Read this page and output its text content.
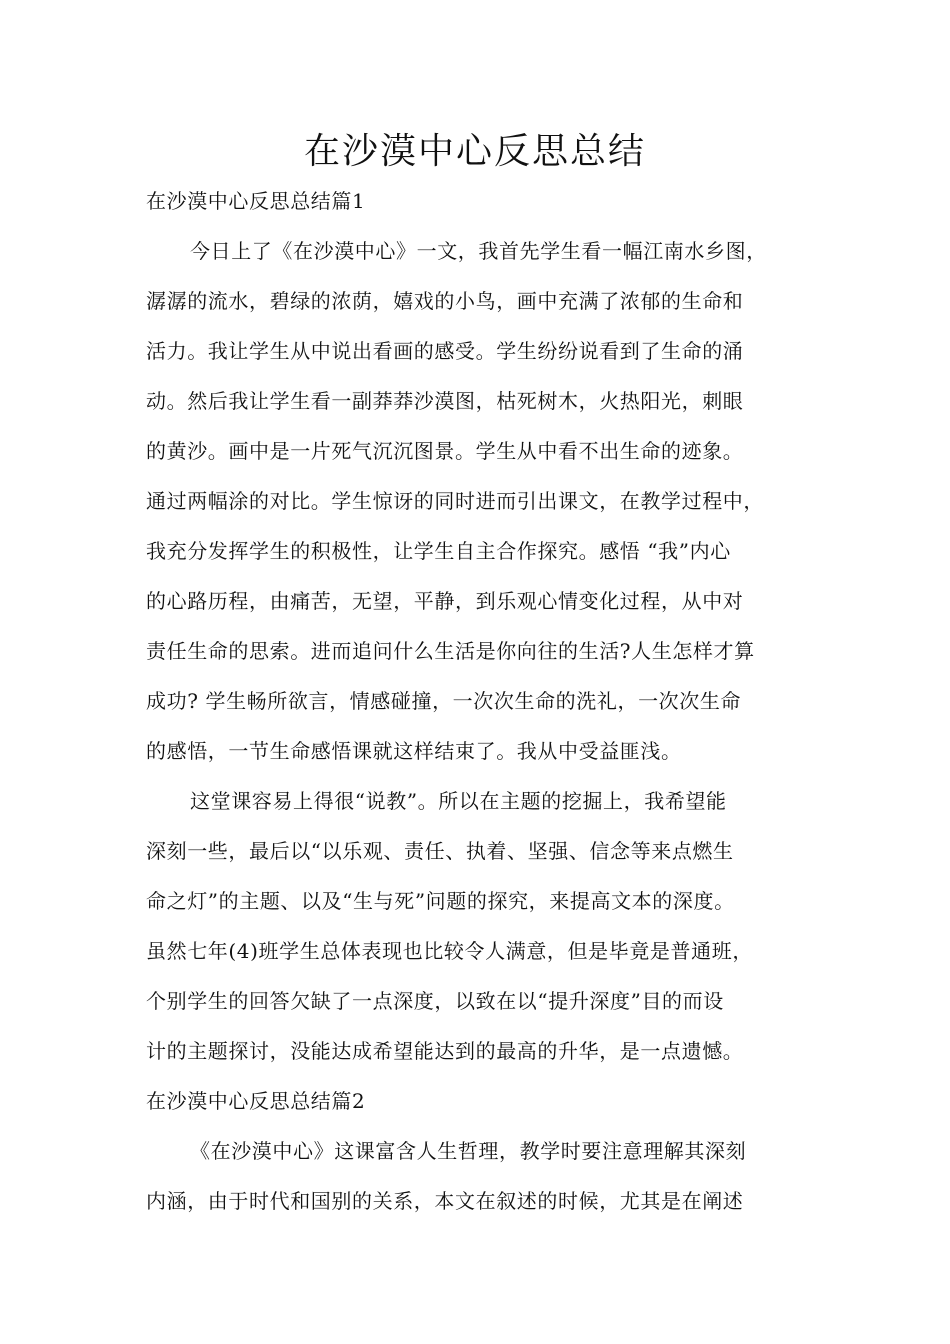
在沙漠中心反思总结
在沙漠中心反思总结篇1
今日上了《在沙漠中心》一文，我首先学生看一幅江南水乡图，
潺潺的流水，碧绿的浓荫，嬉戏的小鸟，画中充满了浓郁的生命和
活力。我让学生从中说出看画的感受。学生纷纷说看到了生命的涌
动。然后我让学生看一副莽莽沙漠图，枯死树木，火热阳光，刺眼
的黄沙。画中是一片死气沉沉图景。学生从中看不出生命的迹象。
通过两幅涂的对比。学生惊讶的同时进而引出课文，在教学过程中，
我充分发挥学生的积极性，让学生自主合作探究。感悟 “我”内心
的心路历程，由痛苦，无望，平静，到乐观心情变化过程，从中对
责任生命的思索。进而追问什么生活是你向往的生活?人生怎样才算
成功? 学生畅所欲言，情感碰撞，一次次生命的洗礼，一次次生命
的感悟，一节生命感悟课就这样结束了。我从中受益匪浅。
这堂课容易上得很“说教”。所以在主题的挖掘上，我希望能
深刻一些，最后以“以乐观、责任、执着、坚强、信念等来点燃生
命之灯”的主题、以及“生与死”问题的探究，来提高文本的深度。
虽然七年(4)班学生总体表现也比较令人满意，但是毕竟是普通班，
个别学生的回答欠缺了一点深度，以致在以“提升深度”目的而设
计的主题探讨，没能达成希望能达到的最高的升华，是一点遗憾。
在沙漠中心反思总结篇2
《在沙漠中心》这课富含人生哲理，教学时要注意理解其深刻
内涵，由于时代和国别的关系，本文在叙述的时候，尤其是在阐述
